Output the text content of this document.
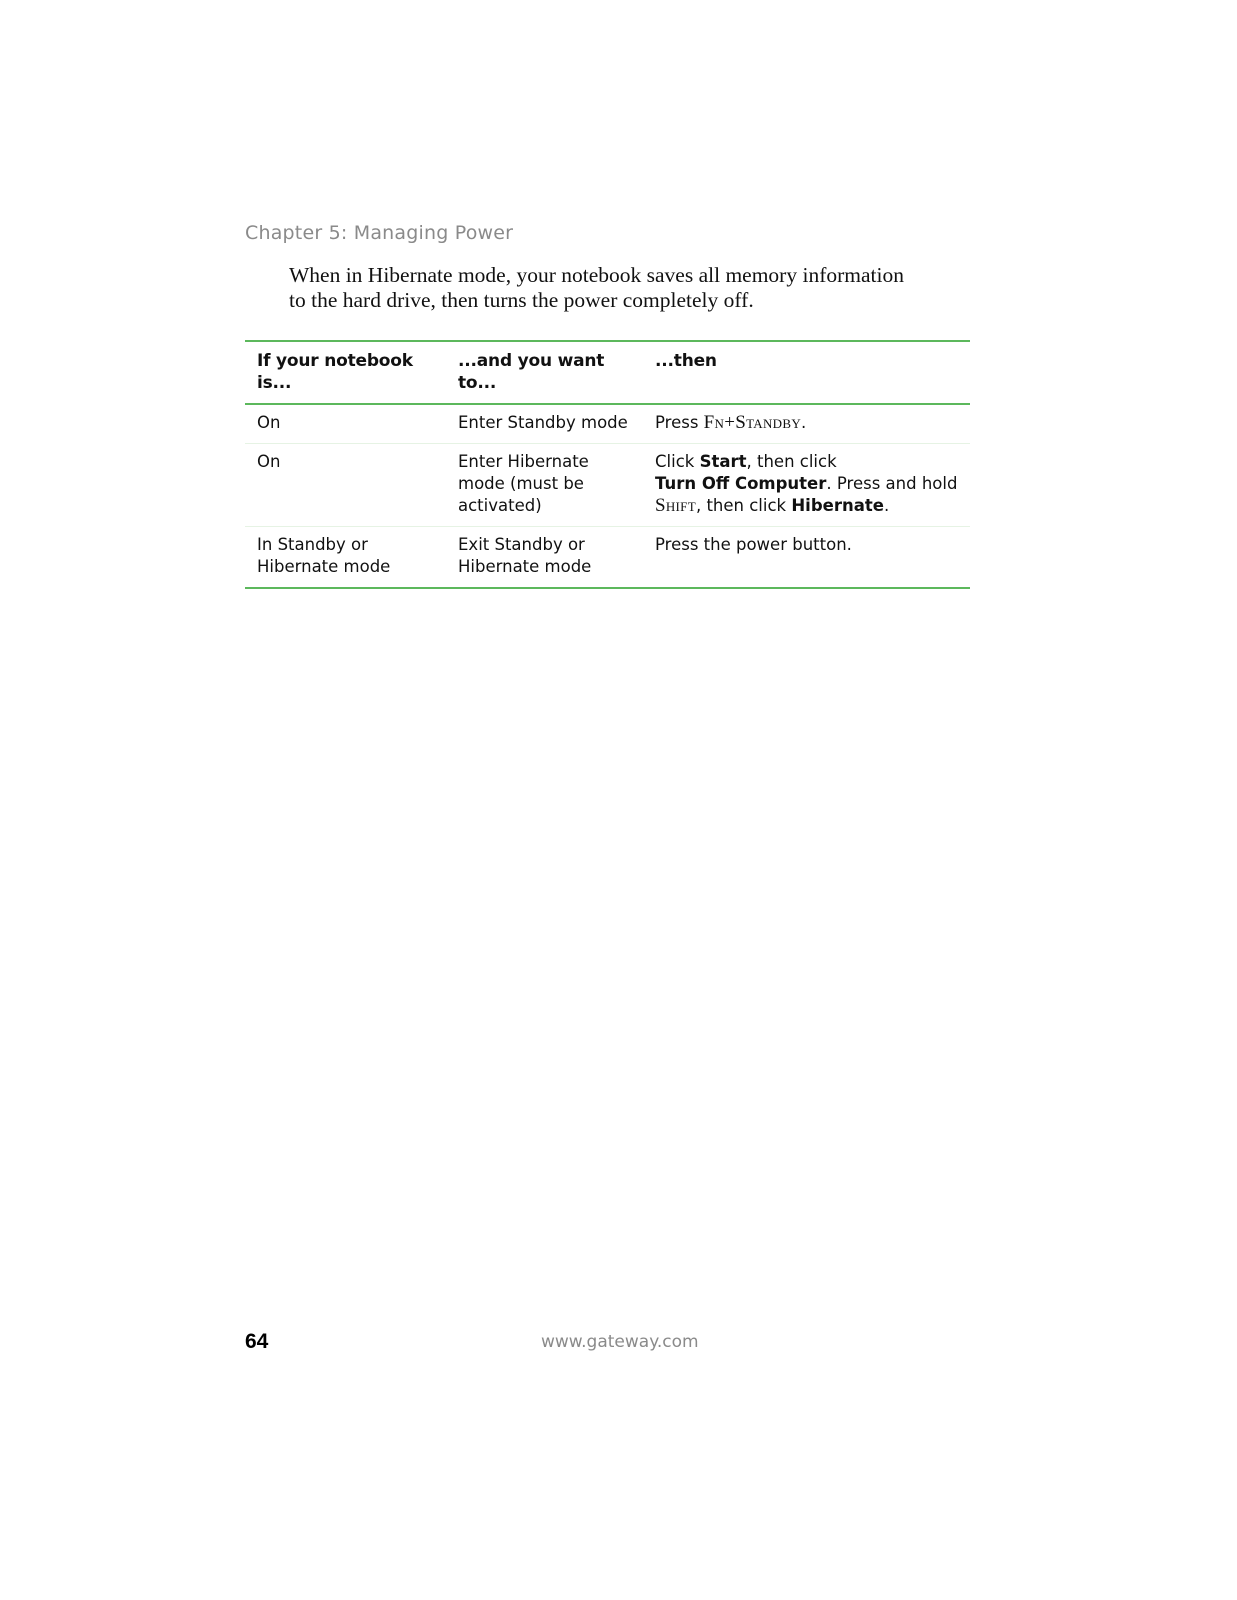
Chapter 5: Managing Power

When in Hibernate mode, your notebook saves all memory information

to the hard drive, then turns the power completely off.

If your notebook is...	...and you want to...	...then
On	Enter Standby mode	Press Fn+Standby.
On	Enter Hibernate mode (must be activated)	Click Start, then click
Turn Off Computer. Press and hold
Shift, then click Hibernate.
In Standby or Hibernate mode	Exit Standby or Hibernate mode	Press the power button.
64	www.gateway.com
